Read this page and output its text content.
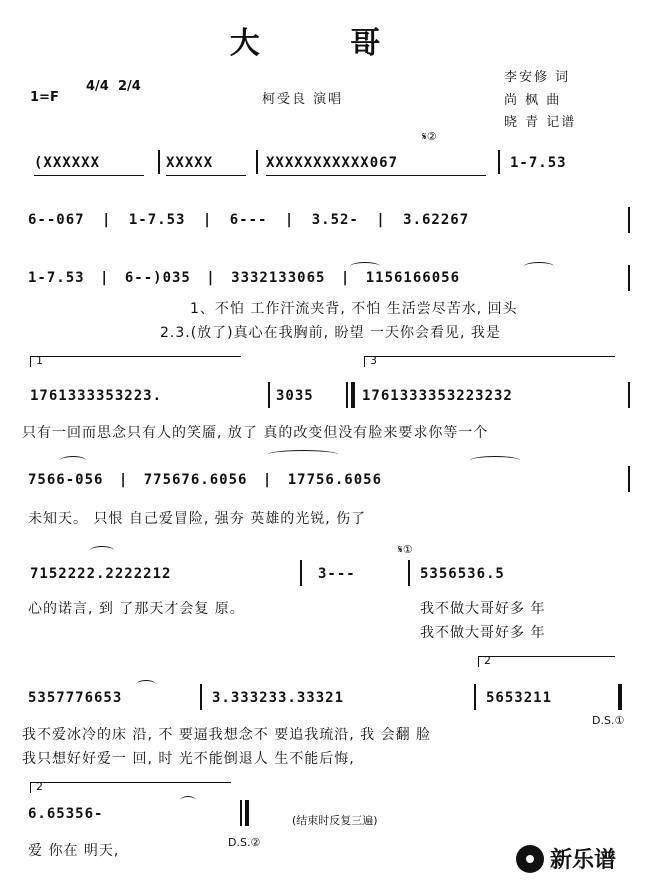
大 哥
1=F
4/4 2/4
柯受良 演唱
李安修 词
尚 枫 曲
晓 青 记谱
𝄋②
(XXXXXX	XXXXX	XXXXXXXXXXX067	1-7.53
6--067 | 1-7.53 | 6--- | 3.52- | 3.62267
1-7.53 | 6--)035 | 3332133065 | 1156166056
1、不怕 工作汗流夹背, 不怕 生活尝尽苦水, 回头
2.3.(放了)真心在我胸前, 盼望 一天你会看见, 我是
1	3
1761333353223.	3035	1761333353223232
只有一回而思念只有人的笑靥, 放了 真的改变但没有脸来要求你等一个
7566-056 | 775676.6056 | 17756.6056
未知天。 只恨 自己爱冒险, 强夯 英雄的光锐, 伤了
𝄋①
7152222.2222212	3---	5356536.5
心的诺言, 到 了那天才会复 原。	我不做大哥好多 年
我不做大哥好多 年
2
5357776653	3.333233.33321	5653211
D.S.①
我不爱冰冷的床 沿, 不 要逼我想念不 要追我琉沿, 我 会翻 脸
我只想好好爱一 回, 时 光不能倒退人 生不能后悔,
2
6.65356-	(结束时反复三遍)
爱 你在 明天,
D.S.②
新乐谱
